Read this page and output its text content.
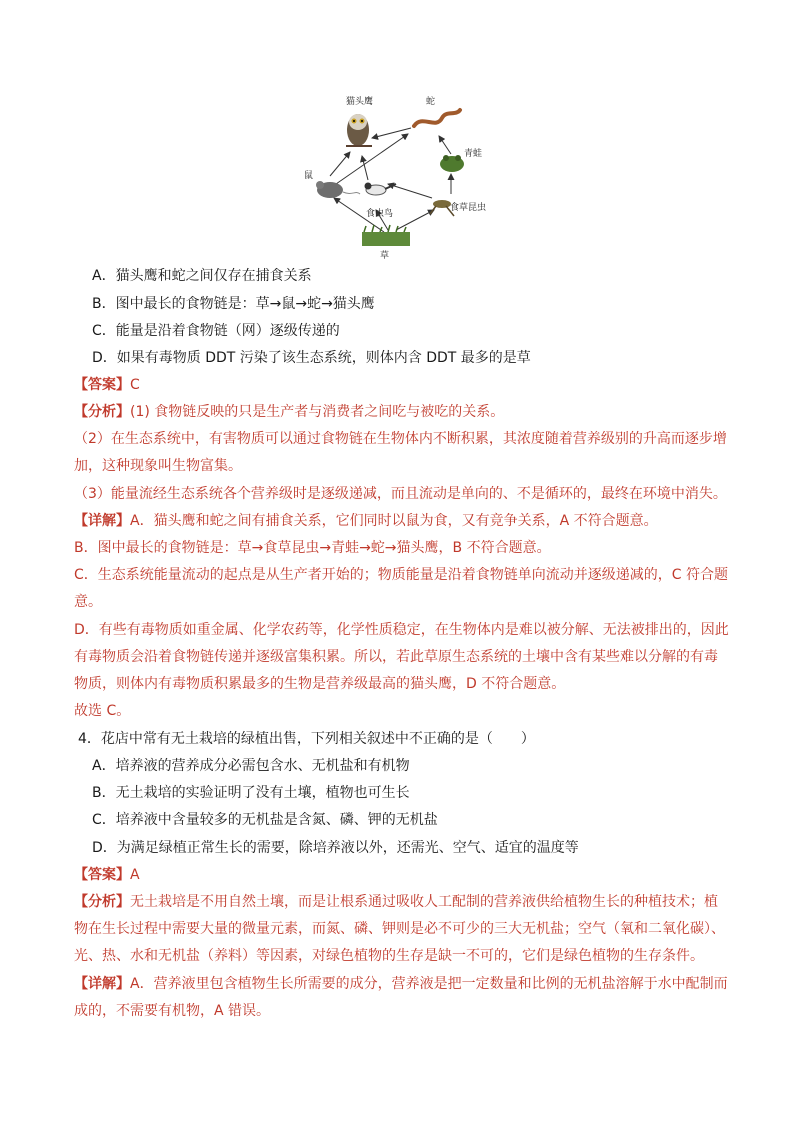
猫头鹰	蛇
青蛙
鼠
食虫鸟
食草昆虫
草
A．猫头鹰和蛇之间仅存在捕食关系
B．图中最长的食物链是：草→鼠→蛇→猫头鹰
C．能量是沿着食物链（网）逐级传递的
D．如果有毒物质 DDT 污染了该生态系统，则体内含 DDT 最多的是草
【答案】C
【分析】(1) 食物链反映的只是生产者与消费者之间吃与被吃的关系。
（2）在生态系统中，有害物质可以通过食物链在生物体内不断积累，其浓度随着营养级别的升高而逐步增
加，这种现象叫生物富集。
（3）能量流经生态系统各个营养级时是逐级递减，而且流动是单向的、不是循环的，最终在环境中消失。
【详解】A．猫头鹰和蛇之间有捕食关系，它们同时以鼠为食，又有竞争关系，A 不符合题意。
B．图中最长的食物链是：草→食草昆虫→青蛙→蛇→猫头鹰，B 不符合题意。
C．生态系统能量流动的起点是从生产者开始的；物质能量是沿着食物链单向流动并逐级递减的，C 符合题
意。
D．有些有毒物质如重金属、化学农药等，化学性质稳定，在生物体内是难以被分解、无法被排出的，因此
有毒物质会沿着食物链传递并逐级富集积累。所以，若此草原生态系统的土壤中含有某些难以分解的有毒
物质，则体内有毒物质积累最多的生物是营养级最高的猫头鹰，D 不符合题意。
故选 C。
4．花店中常有无土栽培的绿植出售，下列相关叙述中不正确的是（　　）
A．培养液的营养成分必需包含水、无机盐和有机物
B．无土栽培的实验证明了没有土壤，植物也可生长
C．培养液中含量较多的无机盐是含氮、磷、钾的无机盐
D．为满足绿植正常生长的需要，除培养液以外，还需光、空气、适宜的温度等
【答案】A
【分析】无土栽培是不用自然土壤，而是让根系通过吸收人工配制的营养液供给植物生长的种植技术；植
物在生长过程中需要大量的微量元素，而氮、磷、钾则是必不可少的三大无机盐；空气（氧和二氧化碳）、
光、热、水和无机盐（养料）等因素，对绿色植物的生存是缺一不可的，它们是绿色植物的生存条件。
【详解】A．营养液里包含植物生长所需要的成分，营养液是把一定数量和比例的无机盐溶解于水中配制而
成的，不需要有机物，A 错误。
